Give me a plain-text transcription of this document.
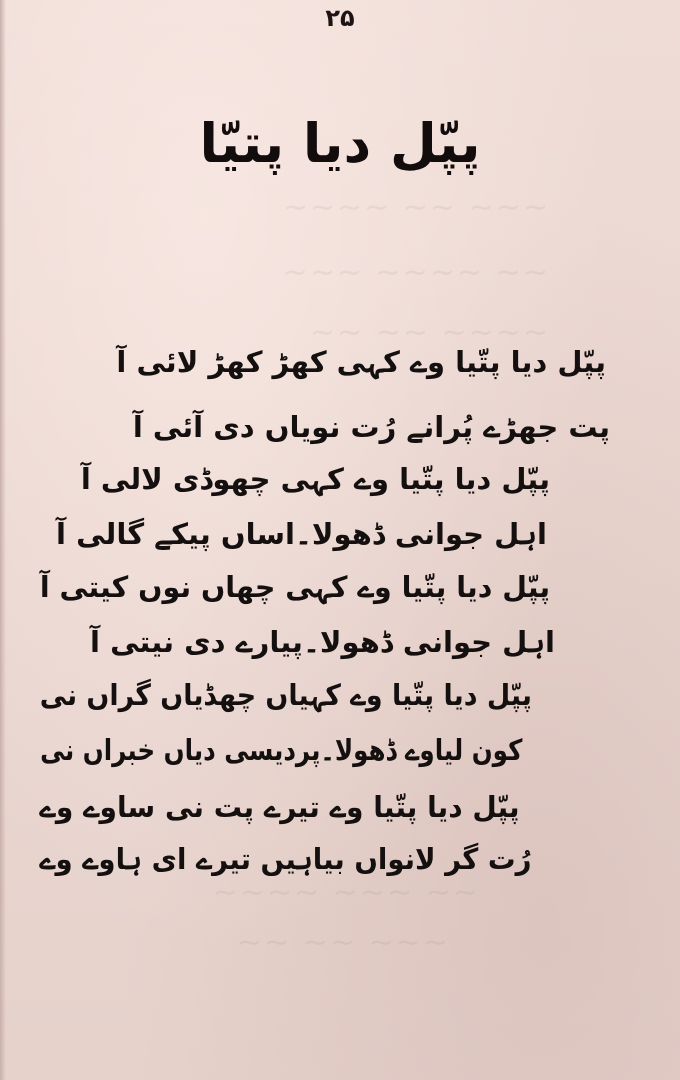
∽∽∽ ∽∽ ∽∽∽∽
∽∽ ∽∽∽∽ ∽∽∽
∽∽∽∽ ∽∽ ∽∽
∽∽ ∽∽∽ ∽∽∽∽
∽∽∽ ∽∽ ∽∽
۲۵
پپّل دیا پتیّا
پپّل دیا پتّیا وے کہی کھڑ کھڑ لائی آ
پت جھڑے پُرانے رُت نویاں دی آئی آ
پپّل دیا پتّیا وے کہی چھوڈی لالی آ
اہل جوانی ڈھولا۔اساں پیکے گالی آ
پپّل دیا پتّیا وے کہی چھاں نوں کیتی آ
اہل جوانی ڈھولا۔پیارے دی نیتی آ
پپّل دیا پتّیا وے کہیاں چھڈیاں گراں نی
کون لیاوے ڈھولا۔پردیسی دیاں خبراں نی
پپّل دیا پتّیا وے تیرے پت نی ساوے وے
رُت گر لانواں بیاہیں تیرے ای ہاوے وے
